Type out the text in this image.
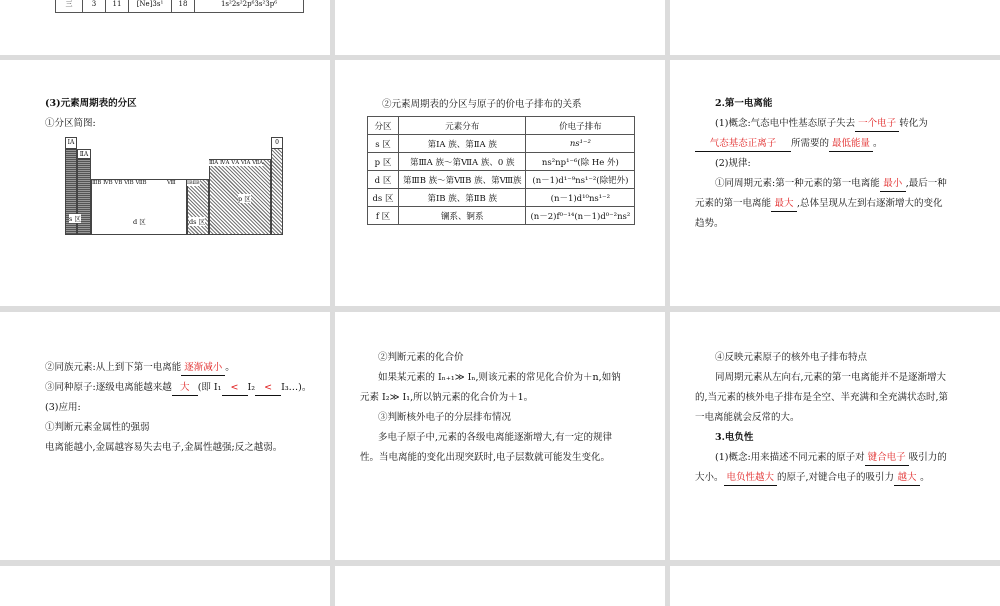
三	3	11	[Ne]3s¹	18	1s²2s²2p⁶3s²3p⁶
(3)元素周期表的分区
①分区简图:
ⅠA
ⅡA
s 区
ⅢB ⅣB ⅤB ⅥB ⅦB	Ⅷ
d 区
ⅠBⅡB
ds 区
ⅢA ⅣA ⅤA ⅥA ⅦA
p 区
0
②元素周期表的分区与原子的价电子排布的关系
分区	元素分布	价电子排布
s 区	第ⅠA 族、第ⅡA 族	ns¹⁻²
p 区	第ⅢA 族～第ⅦA 族、0 族	ns²np¹⁻⁶(除 He 外)
d 区	第ⅢB 族～第ⅦB 族、第Ⅷ族	(n－1)d¹⁻⁹ns¹⁻²(除钯外)
ds 区	第ⅠB 族、第ⅡB 族	(n－1)d¹⁰ns¹⁻²
f 区	镧系、锕系	(n－2)f⁰⁻¹⁴(n－1)d⁰⁻²ns²
2.第一电离能
(1)概念:气态电中性基态原子失去 一个电子 转化为
气态基态正离子 所需要的 最低能量 。
(2)规律:
①同周期元素:第一种元素的第一电离能 最小 ,最后一种
元素的第一电离能 最大 ,总体呈现从左到右逐渐增大的变化
趋势。
②同族元素:从上到下第一电离能 逐渐减小 。
③同种原子:逐级电离能越来越 大 (即 I₁ < I₂ < I₃…)。
(3)应用:
①判断元素金属性的强弱
电离能越小,金属越容易失去电子,金属性越强;反之越弱。
②判断元素的化合价
如果某元素的 Iₙ₊₁≫ Iₙ,则该元素的常见化合价为＋n,如钠
元素 I₂≫ I₁,所以钠元素的化合价为＋1。
③判断核外电子的分层排布情况
多电子原子中,元素的各级电离能逐渐增大,有一定的规律
性。当电离能的变化出现突跃时,电子层数就可能发生变化。
④反映元素原子的核外电子排布特点
同周期元素从左向右,元素的第一电离能并不是逐渐增大
的,当元素的核外电子排布是全空、半充满和全充满状态时,第
一电离能就会反常的大。
3.电负性
(1)概念:用来描述不同元素的原子对 键合电子 吸引力的
大小。 电负性越大 的原子,对键合电子的吸引力 越大 。
